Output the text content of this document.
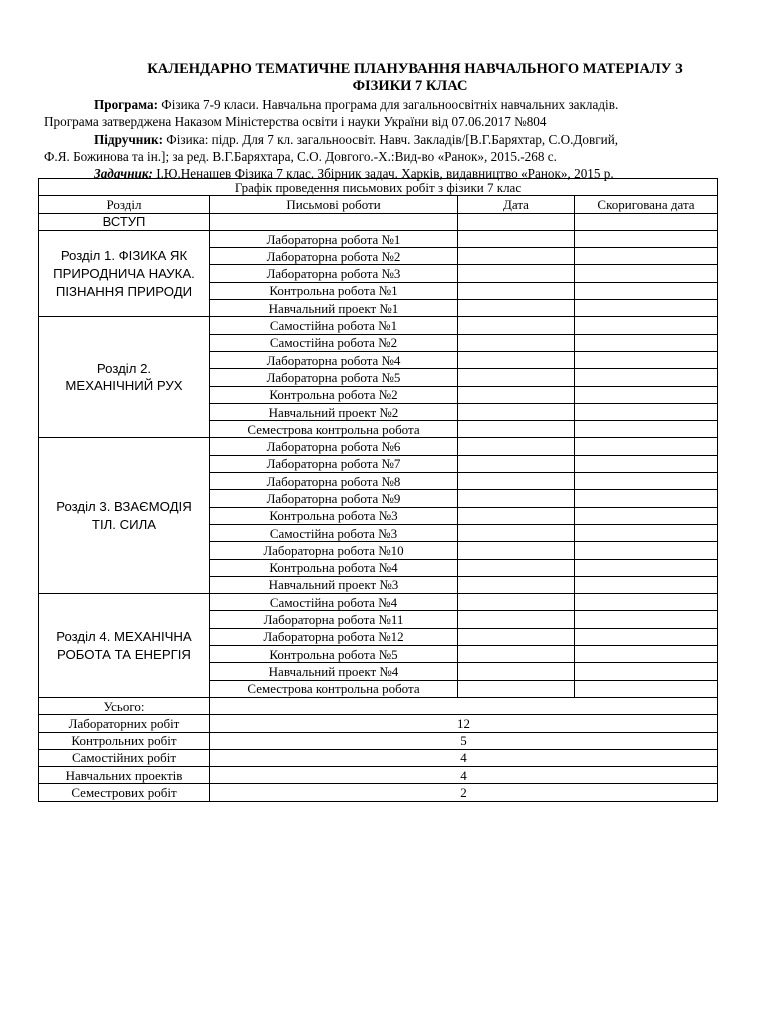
КАЛЕНДАРНО ТЕМАТИЧНЕ ПЛАНУВАННЯ НАВЧАЛЬНОГО МАТЕРІАЛУ З
ФІЗИКИ 7 КЛАС
Програма: Фізика 7-9 класи. Навчальна програма для загальноосвітніх навчальних закладів.
Програма затверджена Наказом Міністерства освіти і науки України від 07.06.2017 №804
Підручник: Фізика: підр. Для 7 кл. загальноосвіт. Навч. Закладів/[В.Г.Баряхтар, С.О.Довгий,
Ф.Я. Божинова та ін.]; за ред. В.Г.Баряхтара, С.О. Довгого.-Х.:Вид-во «Ранок», 2015.-268 с.
Задачник: І.Ю.Ненашев Фізика 7 клас. Збірник задач. Харків, видавництво «Ранок», 2015 р.
Графік проведення письмових робіт з фізики 7 клас			
Розділ	Письмові роботи	Дата	Скоригована дата
ВСТУП			
Розділ 1. ФІЗИКА ЯК ПРИРОДНИЧА НАУКА. ПІЗНАННЯ ПРИРОДИ	Лабораторна робота №1		
	Лабораторна робота №2		
	Лабораторна робота №3		
	Контрольна робота №1		
	Навчальний проект №1		
Розділ 2.
МЕХАНІЧНИЙ РУХ	Самостійна робота №1		
	Самостійна робота №2		
	Лабораторна робота №4		
	Лабораторна робота №5		
	Контрольна робота №2		
	Навчальний проект №2		
	Семестрова контрольна робота		
Розділ 3. ВЗАЄМОДІЯ ТІЛ. СИЛА	Лабораторна робота №6		
	Лабораторна робота №7		
	Лабораторна робота №8		
	Лабораторна робота №9		
	Контрольна робота №3		
	Самостійна робота №3		
	Лабораторна робота №10		
	Контрольна робота №4		
	Навчальний проект №3		
Розділ 4. МЕХАНІЧНА РОБОТА ТА ЕНЕРГІЯ	Самостійна робота №4		
	Лабораторна робота №11		
	Лабораторна робота №12		
	Контрольна робота №5		
	Навчальний проект №4		
	Семестрова контрольна робота		
Усього:			
Лабораторних робіт	12		
Контрольних робіт	5		
Самостійних робіт	4		
Навчальних проектів	4		
Семестрових робіт	2		
